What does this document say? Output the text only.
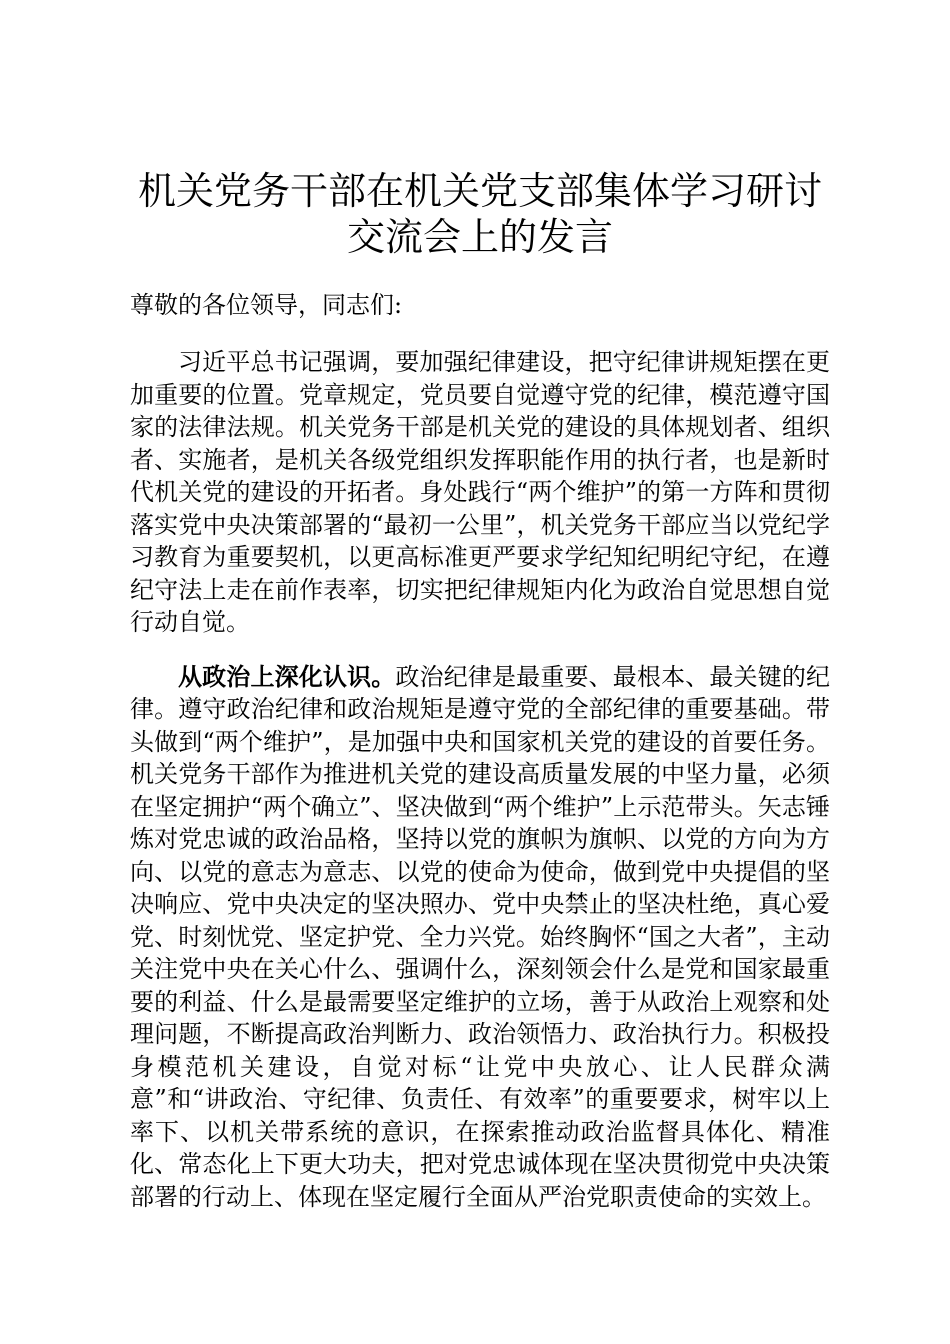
机关党务干部在机关党支部集体学习研讨交流会上的发言

尊敬的各位领导，同志们:

习近平总书记强调，要加强纪律建设，把守纪律讲规矩摆在更加重要的位置。党章规定，党员要自觉遵守党的纪律，模范遵守国家的法律法规。机关党务干部是机关党的建设的具体规划者、组织者、实施者，是机关各级党组织发挥职能作用的执行者，也是新时代机关党的建设的开拓者。身处践行“两个维护”的第一方阵和贯彻落实党中央决策部署的“最初一公里”，机关党务干部应当以党纪学习教育为重要契机，以更高标准更严要求学纪知纪明纪守纪，在遵纪守法上走在前作表率，切实把纪律规矩内化为政治自觉思想自觉行动自觉。

从政治上深化认识。政治纪律是最重要、最根本、最关键的纪律。遵守政治纪律和政治规矩是遵守党的全部纪律的重要基础。带头做到“两个维护”，是加强中央和国家机关党的建设的首要任务。机关党务干部作为推进机关党的建设高质量发展的中坚力量，必须在坚定拥护“两个确立”、坚决做到“两个维护”上示范带头。矢志锤炼对党忠诚的政治品格，坚持以党的旗帜为旗帜、以党的方向为方向、以党的意志为意志、以党的使命为使命，做到党中央提倡的坚决响应、党中央决定的坚决照办、党中央禁止的坚决杜绝，真心爱党、时刻忧党、坚定护党、全力兴党。始终胸怀“国之大者”，主动关注党中央在关心什么、强调什么，深刻领会什么是党和国家最重要的利益、什么是最需要坚定维护的立场，善于从政治上观察和处理问题，不断提高政治判断力、政治领悟力、政治执行力。积极投身模范机关建设，自觉对标“让党中央放心、让人民群众满意”和“讲政治、守纪律、负责任、有效率”的重要要求，树牢以上率下、以机关带系统的意识，在探索推动政治监督具体化、精准化、常态化上下更大功夫，把对党忠诚体现在坚决贯彻党中央决策部署的行动上、体现在坚定履行全面从严治党职责使命的实效上。
